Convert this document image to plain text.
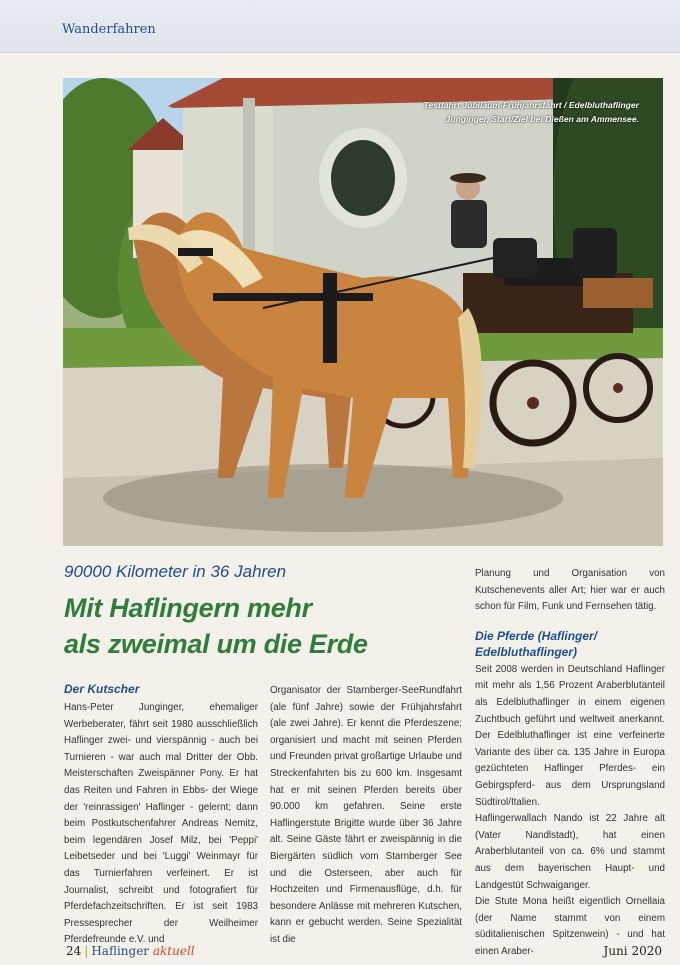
Wanderfahren
Testfahrt Jubiläum-Frühjahrsfahrt / Edelbluthaflinger
Junginger, Start/Ziel bei Dießen am Ammensee.
90000 Kilometer in 36 Jahren
Mit Haflingern mehr
als zweimal um die Erde
Der Kutscher

Hans-Peter Junginger, ehemaliger Werbeberater, fährt seit 1980 ausschließlich Haflinger zwei- und vierspännig - auch bei Turnieren - war auch mal Dritter der Obb. Meisterschaften Zweispänner Pony. Er hat das Reiten und Fahren in Ebbs- der Wiege der 'reinrassigen' Haflinger - gelernt; dann beim Postkutschenfahrer Andreas Nemitz, beim legendären Josef Milz, bei 'Peppi' Leibetseder und bei 'Luggi' Weinmayr für das Turnierfahren verfeinert. Er ist Journalist, schreibt und fotografiert für Pferdefachzeitschriften. Er ist seit 1983 Pressesprecher der Weilheimer Pferdefreunde e.V. und

Organisator der Starnberger-SeeRundfahrt (ale fünf Jahre) sowie der Frühjahrsfahrt (ale zwei Jahre). Er kennt die Pferdeszene; organisiert und macht mit seinen Pferden und Freunden privat großartige Urlaube und Streckenfahrten bis zu 600 km. Insgesamt hat er mit seinen Pferden bereits über 90.000 km gefahren. Seine erste Haflingerstute Brigitte wurde über 36 Jahre alt. Seine Gäste fährt er zweispännig in die Biergärten südlich vom Starnberger See und die Osterseen, aber auch für Hochzeiten und Firmenausflüge, d.h. für besondere Anlässe mit mehreren Kutschen, kann er gebucht werden. Seine Spezialität ist die

Planung und Organisation von Kutschenevents aller Art; hier war er auch schon für Film, Funk und Fernsehen tätig.

Die Pferde (Haflinger/
Edelbluthaflinger)

Seit 2008 werden in Deutschland Haflinger mit mehr als 1,56 Prozent Araberblutanteil als Edelbluthaflinger in einem eigenen Zuchtbuch geführt und weltweit anerkannt. Der Edelbluthaflinger ist eine verfeinerte Variante des über ca. 135 Jahre in Europa gezüchteten Haflinger Pferdes- ein Gebirgspferd- aus dem Ursprungsland Südtirol/Italien.

Haflingerwallach Nando ist 22 Jahre alt (Vater Nandlstadt), hat einen Araberblutanteil von ca. 6% und stammt aus dem bayerischen Haupt- und Landgestüt Schwaiganger.

Die Stute Mona heißt eigentlich Ornellaia (der Name stammt von einem süditalienischen Spitzenwein) - und hat einen Araber-

24 | Haflinger aktuell	Juni 2020
